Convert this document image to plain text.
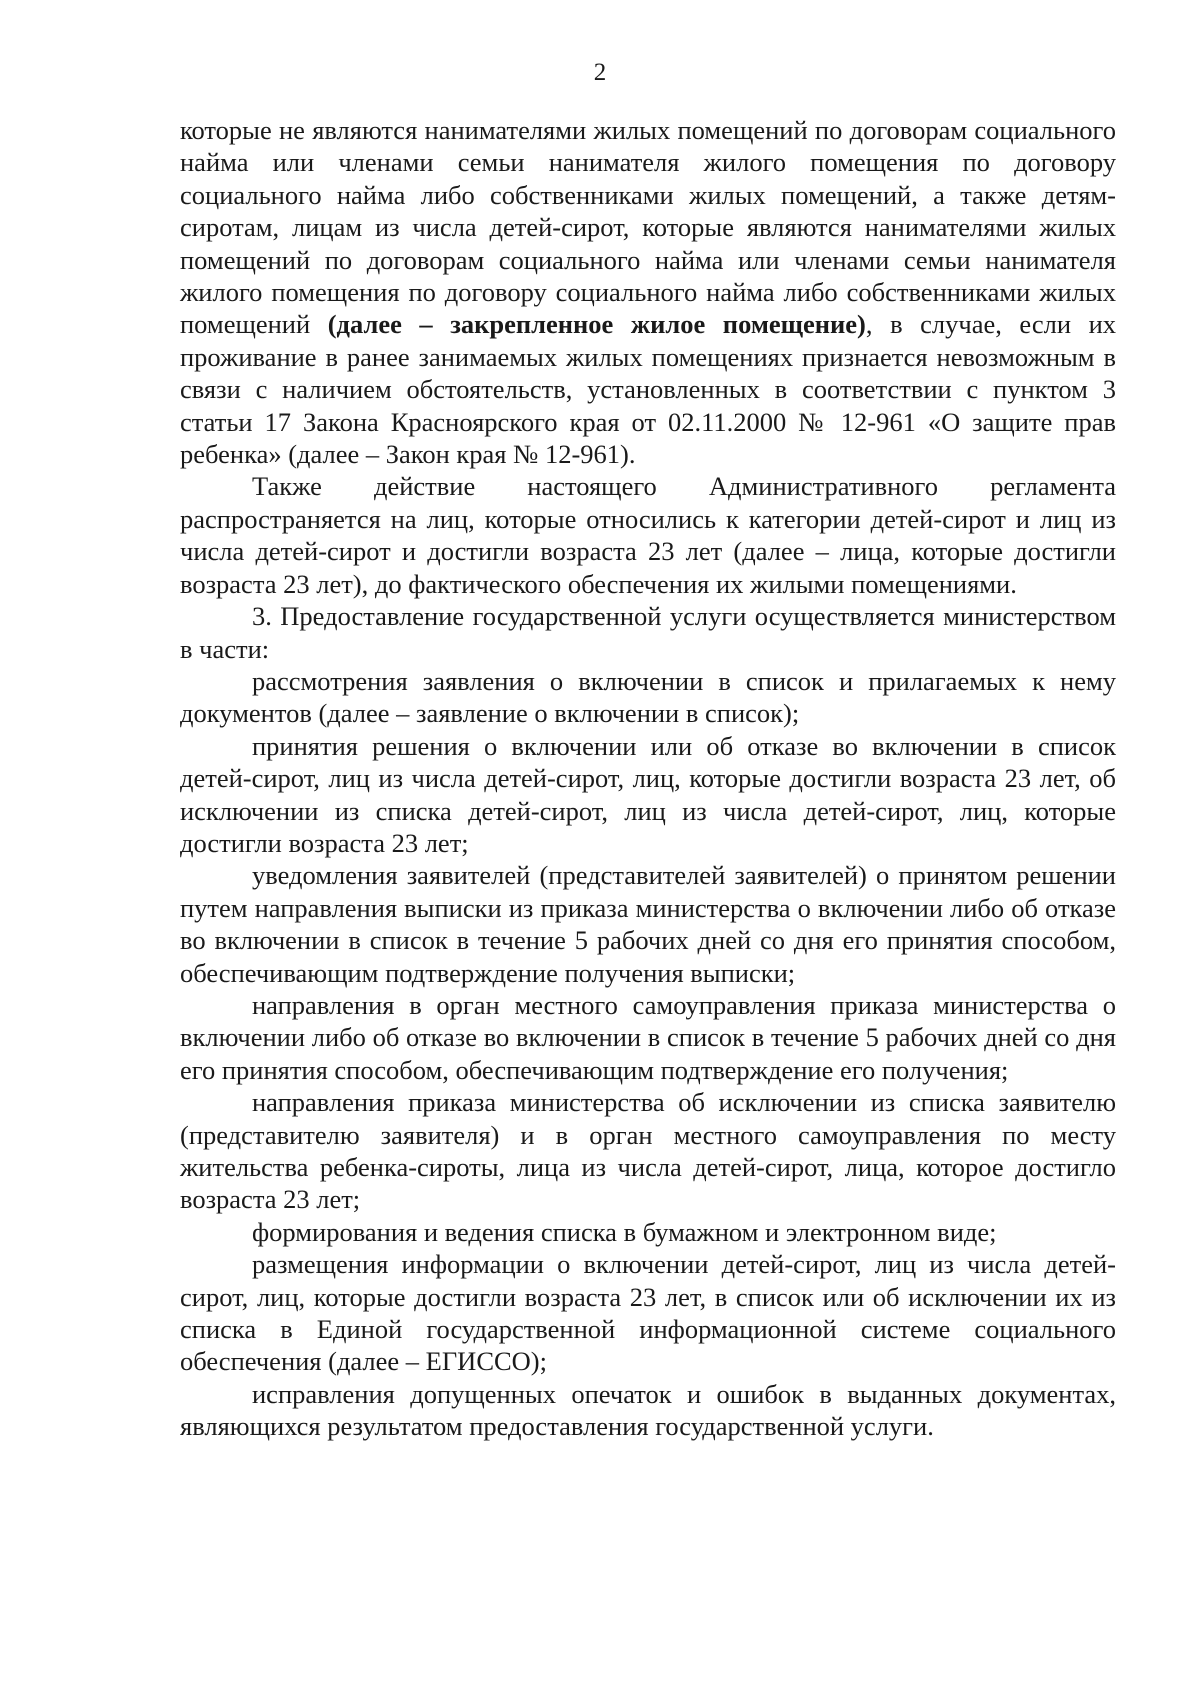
2

которые не являются нанимателями жилых помещений по договорам социального найма или членами семьи нанимателя жилого помещения по договору социального найма либо собственниками жилых помещений, а также детям-сиротам, лицам из числа детей-сирот, которые являются нанимателями жилых помещений по договорам социального найма или членами семьи нанимателя жилого помещения по договору социального найма либо собственниками жилых помещений (далее – закрепленное жилое помещение), в случае, если их проживание в ранее занимаемых жилых помещениях признается невозможным в связи с наличием обстоятельств, установленных в соответствии с пунктом 3 статьи 17 Закона Красноярского края от 02.11.2000 № 12-961 «О защите прав ребенка» (далее – Закон края № 12-961).

Также действие настоящего Административного регламента распространяется на лиц, которые относились к категории детей-сирот и лиц из числа детей-сирот и достигли возраста 23 лет (далее – лица, которые достигли возраста 23 лет), до фактического обеспечения их жилыми помещениями.

3. Предоставление государственной услуги осуществляется министерством в части:

рассмотрения заявления о включении в список и прилагаемых к нему документов (далее – заявление о включении в список);

принятия решения о включении или об отказе во включении в список детей-сирот, лиц из числа детей-сирот, лиц, которые достигли возраста 23 лет, об исключении из списка детей-сирот, лиц из числа детей-сирот, лиц, которые достигли возраста 23 лет;

уведомления заявителей (представителей заявителей) о принятом решении путем направления выписки из приказа министерства о включении либо об отказе во включении в список в течение 5 рабочих дней со дня его принятия способом, обеспечивающим подтверждение получения выписки;

направления в орган местного самоуправления приказа министерства о включении либо об отказе во включении в список в течение 5 рабочих дней со дня его принятия способом, обеспечивающим подтверждение его получения;

направления приказа министерства об исключении из списка заявителю (представителю заявителя) и в орган местного самоуправления по месту жительства ребенка-сироты, лица из числа детей-сирот, лица, которое достигло возраста 23 лет;

формирования и ведения списка в бумажном и электронном виде;

размещения информации о включении детей-сирот, лиц из числа детей-сирот, лиц, которые достигли возраста 23 лет, в список или об исключении их из списка в Единой государственной информационной системе социального обеспечения (далее – ЕГИССО);

исправления допущенных опечаток и ошибок в выданных документах, являющихся результатом предоставления государственной услуги.
